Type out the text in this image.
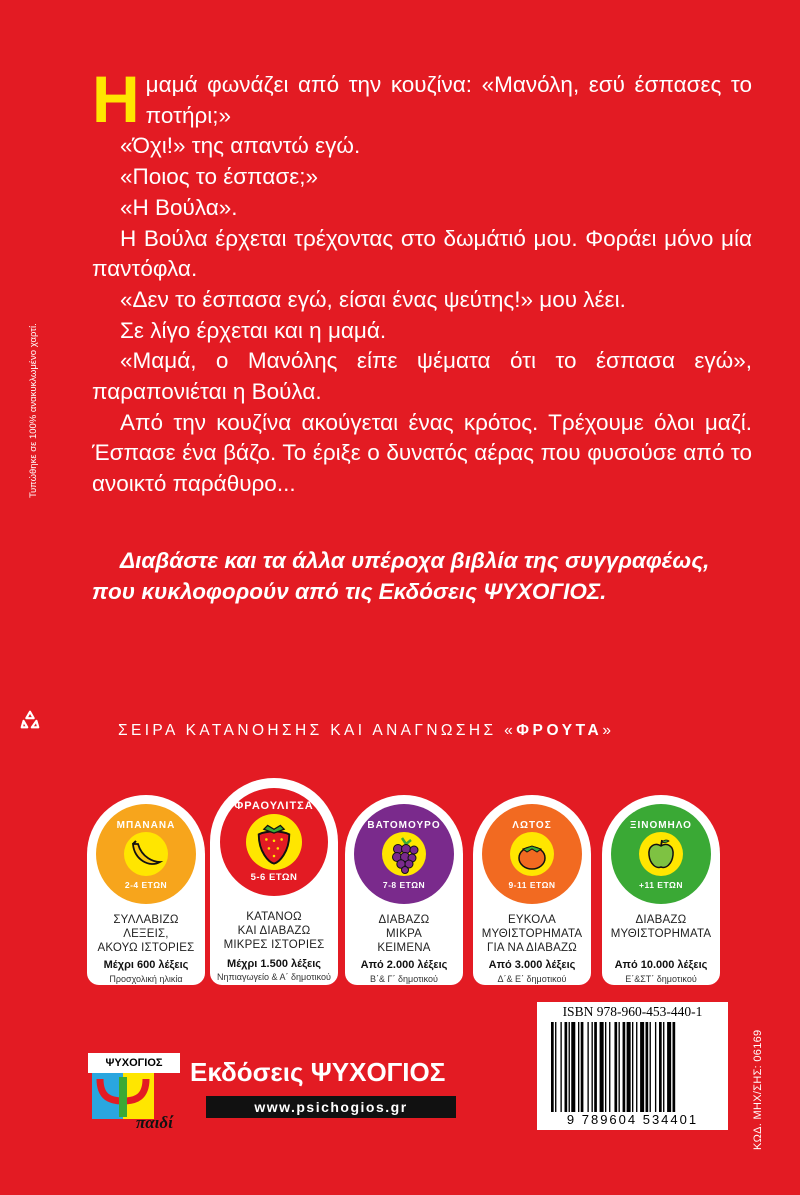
Ημαμά φωνάζει από την κουζίνα: «Μανόλη, εσύ έσπασες το ποτήρι;»

«Όχι!» της απαντώ εγώ.

«Ποιος το έσπασε;»

«Η Βούλα».

Η Βούλα έρχεται τρέχοντας στο δωμάτιό μου. Φοράει μόνο μία παντόφλα.

«Δεν το έσπασα εγώ, είσαι ένας ψεύτης!» μου λέει.

Σε λίγο έρχεται και η μαμά.

«Μαμά, ο Μανόλης είπε ψέματα ότι το έσπασα εγώ», παραπονιέται η Βούλα.

Από την κουζίνα ακούγεται ένας κρότος. Τρέχουμε όλοι μαζί. Έσπασε ένα βάζο. Το έριξε ο δυνατός αέρας που φυσούσε από το ανοικτό παράθυρο...

Διαβάστε και τα άλλα υπέροχα βιβλία της συγγραφέως, που κυκλοφορούν από τις Εκδόσεις ΨΥΧΟΓΙΟΣ.

Τυπώθηκε σε 100% ανακυκλωμένο χαρτί.
ΣΕΙΡΑ ΚΑΤΑΝΟΗΣΗΣ ΚΑΙ ΑΝΑΓΝΩΣΗΣ «ΦΡΟΥΤΑ»
ΜΠΑΝΑΝΑ
2-4 ΕΤΩΝ
ΣΥΛΛΑΒΙΖΩ
ΛΕΞΕΙΣ,
ΑΚΟΥΩ ΙΣΤΟΡΙΕΣ
Μέχρι 600 λέξεις
Προσχολική ηλικία
ΦΡΑΟΥΛΙΤΣΑ
5-6 ΕΤΩΝ
ΚΑΤΑΝΟΩ
ΚΑΙ ΔΙΑΒΑΖΩ
ΜΙΚΡΕΣ ΙΣΤΟΡΙΕΣ
Μέχρι 1.500 λέξεις
Νηπιαγωγείο & Α΄ δημοτικού
ΒΑΤΟΜΟΥΡΟ
7-8 ΕΤΩΝ
ΔΙΑΒΑΖΩ
ΜΙΚΡΑ
ΚΕΙΜΕΝΑ
Από 2.000 λέξεις
Β΄& Γ΄ δημοτικού
ΛΩΤΟΣ
9-11 ΕΤΩΝ
ΕΥΚΟΛΑ
ΜΥΘΙΣΤΟΡΗΜΑΤΑ
ΓΙΑ ΝΑ ΔΙΑΒΑΖΩ
Από 3.000 λέξεις
Δ΄& Ε΄ δημοτικού
ΞΙΝΟΜΗΛΟ
+11 ΕΤΩΝ
ΔΙΑΒΑΖΩ
ΜΥΘΙΣΤΟΡΗΜΑΤΑ
Από 10.000 λέξεις
Ε΄&ΣΤ΄ δημοτικού
ΨΥΧΟΓΙΟΣ
παιδί
Εκδόσεις ΨΥΧΟΓΙΟΣ
www.psichogios.gr
ISBN 978-960-453-440-1
9 789604 534401	ΚΩΔ. ΜΗΧ/ΣΗΣ: 06169
